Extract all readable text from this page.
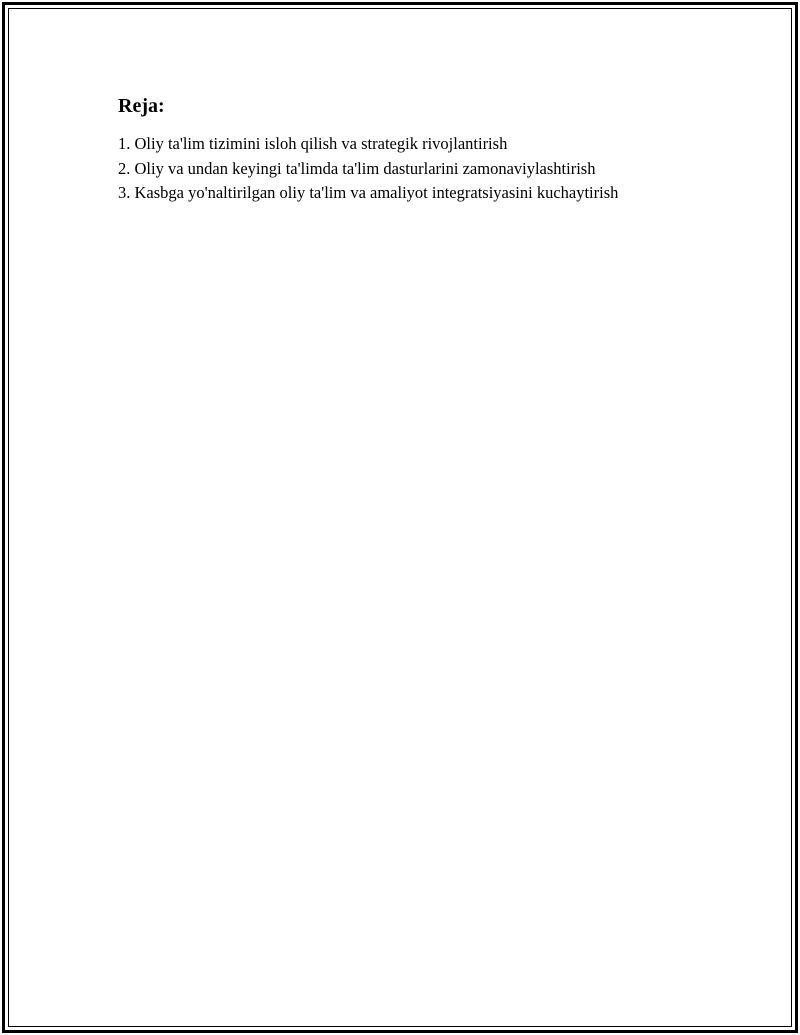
Reja:
1. Oliy ta'lim tizimini isloh qilish va strategik rivojlantirish
2. Oliy va undan keyingi ta'limda ta'lim dasturlarini zamonaviylashtirish
3. Kasbga yo'naltirilgan oliy ta'lim va amaliyot integratsiyasini kuchaytirish
